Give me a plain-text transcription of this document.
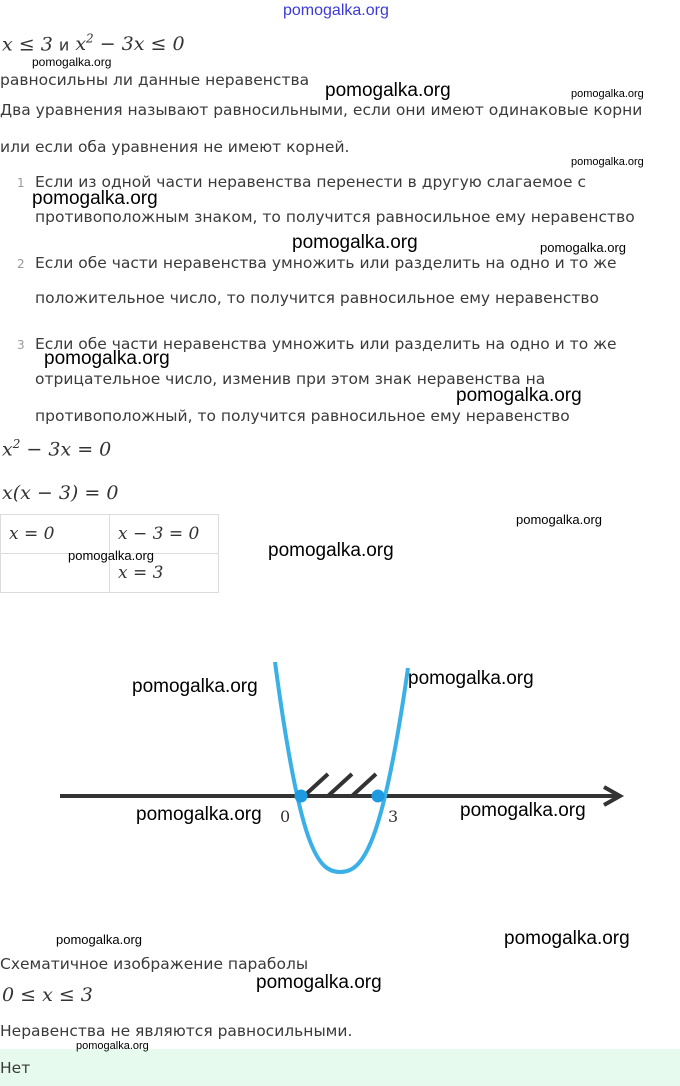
pomogalka.org
x ≤ 3 и $x^2 - 3x \le 0$
равносильны ли данные неравенства
Два уравнения называют равносильными, если они имеют одинаковые корни
или если оба уравнения не имеют корней.
1 Если из одной части неравенства перенести в другую слагаемое с
противоположным знаком, то получится равносильное ему неравенство
2 Если обе части неравенства умножить или разделить на одно и то же
положительное число, то получится равносильное ему неравенство
3 Если обе части неравенства умножить или разделить на одно и то же
отрицательное число, изменив при этом знак неравенства на
противоположный, то получится равносильное ему неравенство
$x^2 - 3x = 0$
x(x − 3) = 0
x = 0	x − 3 = 0
	x = 3
0	3
Схематичное изображение параболы
0 ≤ x ≤ 3
Неравенства не являются равносильными.
Нет
pomogalka.org
pomogalka.org	pomogalka.org
pomogalka.org
pomogalka.org
pomogalka.org	pomogalka.org
pomogalka.org
pomogalka.org
pomogalka.org
pomogalka.org	pomogalka.org
pomogalka.org
pomogalka.org
pomogalka.org	pomogalka.org
pomogalka.org	pomogalka.org
pomogalka.org
pomogalka.org
